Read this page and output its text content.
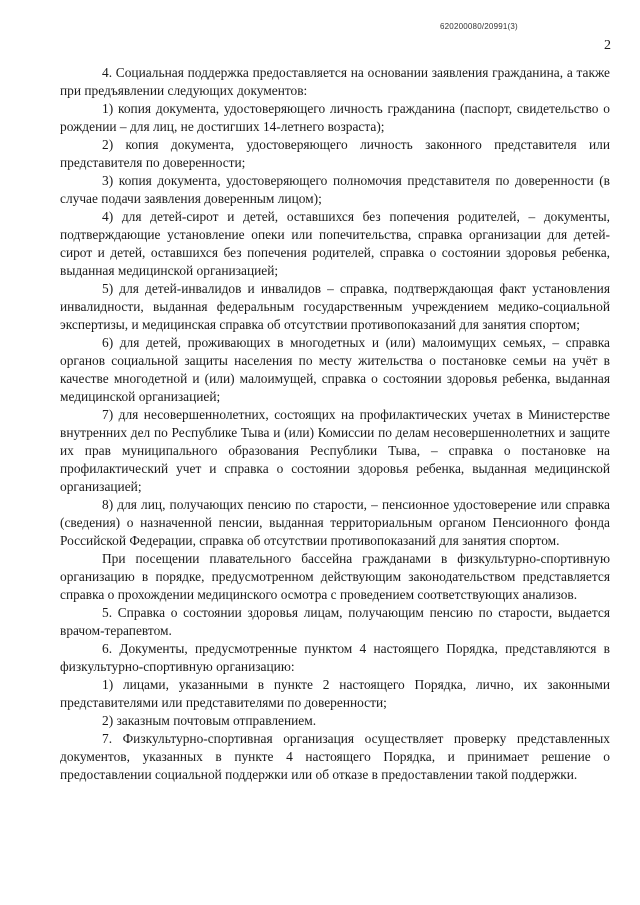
620200080/20991(3)
2

4. Социальная поддержка предоставляется на основании заявления гражданина, а также при предъявлении следующих документов:

1) копия документа, удостоверяющего личность гражданина (паспорт, свидетельство о рождении – для лиц, не достигших 14-летнего возраста);

2) копия документа, удостоверяющего личность законного представителя или представителя по доверенности;

3) копия документа, удостоверяющего полномочия представителя по доверенности (в случае подачи заявления доверенным лицом);

4) для детей-сирот и детей, оставшихся без попечения родителей, – документы, подтверждающие установление опеки или попечительства, справка организации для детей-сирот и детей, оставшихся без попечения родителей, справка о состоянии здоровья ребенка, выданная медицинской организацией;

5) для детей-инвалидов и инвалидов – справка, подтверждающая факт установления инвалидности, выданная федеральным государственным учреждением медико-социальной экспертизы, и медицинская справка об отсутствии противопоказаний для занятия спортом;

6) для детей, проживающих в многодетных и (или) малоимущих семьях, – справка органов социальной защиты населения по месту жительства о постановке семьи на учёт в качестве многодетной и (или) малоимущей, справка о состоянии здоровья ребенка, выданная медицинской организацией;

7) для несовершеннолетних, состоящих на профилактических учетах в Министерстве внутренних дел по Республике Тыва и (или) Комиссии по делам несовершеннолетних и защите их прав муниципального образования Республики Тыва, – справка о постановке на профилактический учет и справка о состоянии здоровья ребенка, выданная медицинской организацией;

8) для лиц, получающих пенсию по старости, – пенсионное удостоверение или справка (сведения) о назначенной пенсии, выданная территориальным органом Пенсионного фонда Российской Федерации, справка об отсутствии противопоказаний для занятия спортом.

При посещении плавательного бассейна гражданами в физкультурно-спортивную организацию в порядке, предусмотренном действующим законодательством представляется справка о прохождении медицинского осмотра с проведением соответствующих анализов.

5. Справка о состоянии здоровья лицам, получающим пенсию по старости, выдается врачом-терапевтом.

6. Документы, предусмотренные пунктом 4 настоящего Порядка, представляются в физкультурно-спортивную организацию:

1) лицами, указанными в пункте 2 настоящего Порядка, лично, их законными представителями или представителями по доверенности;

2) заказным почтовым отправлением.

7. Физкультурно-спортивная организация осуществляет проверку представленных документов, указанных в пункте 4 настоящего Порядка, и принимает решение о предоставлении социальной поддержки или об отказе в предоставлении такой поддержки.
